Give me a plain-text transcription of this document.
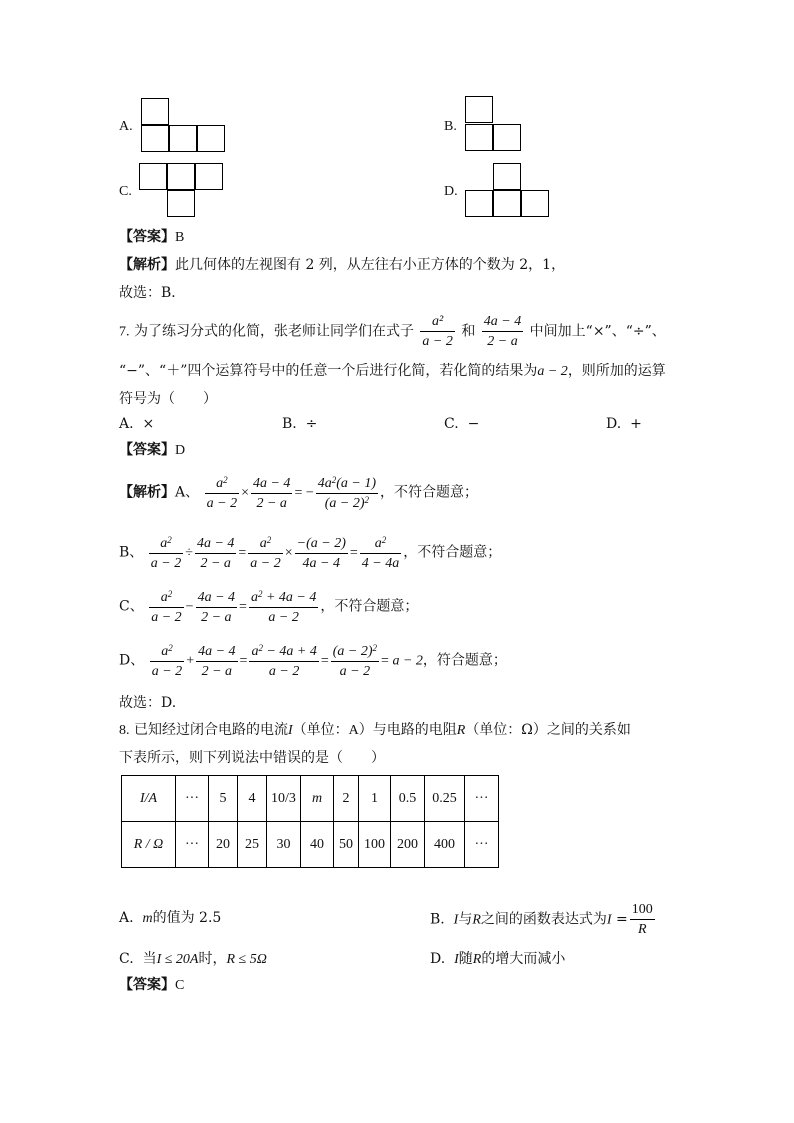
A.	B.
C.	D.
【答案】B
【解析】此几何体的左视图有 2 列，从左往右小正方体的个数为 2，1，
故选：B．
7. 为了练习分式的化简，张老师让同学们在式子 $\frac{\text{a²}}{a - 2}$ 和 $\frac{4a - 4}{2 - a}$ 中间加上“×”、“÷”、
“−”、“＋”四个运算符号中的任意一个后进行化简，若化简的结果为a − 2，则所加的运算
符号为（　　）
A. ×	B. ÷	C. −	D. +
【答案】D
【解析】A、 $\frac{a^2}{a - 2} \times \frac{4a - 4}{2 - a}$ = − $\frac{4a^2(a - 1)}{(a - 2)^2}$ ，不符合题意；
B、 $\frac{a^2}{a - 2} \div \frac{4a - 4}{2 - a} = \frac{a^2}{a - 2} \times \frac{-(a - 2)}{4a - 4} = \frac{a^2}{4 - 4a}$ ，不符合题意；
C、 $\frac{a^2}{a - 2} - \frac{4a - 4}{2 - a} = \frac{a^2 + 4a - 4}{a - 2}$ ，不符合题意；
D、 $\frac{a^2}{a - 2} + \frac{4a - 4}{2 - a} = \frac{a^2 - 4a + 4}{a - 2} = \frac{(a - 2)^2}{a - 2} = a - 2$，符合题意；
故选：D.
8. 已知经过闭合电路的电流I（单位：A）与电路的电阻R（单位：Ω）之间的关系如
下表所示，则下列说法中错误的是（　　）
I/A	···	5	4	10/3	m	2	1	0.5	0.25	···
R / Ω	···	20	25	30	40	50	100	200	400	···
A. m的值为 2.5	B. I与R之间的函数表达式为$I = \frac{100}{R}$
C. 当I ≤ 20A时，R ≤ 5Ω	D. I随R的增大而减小
【答案】C
